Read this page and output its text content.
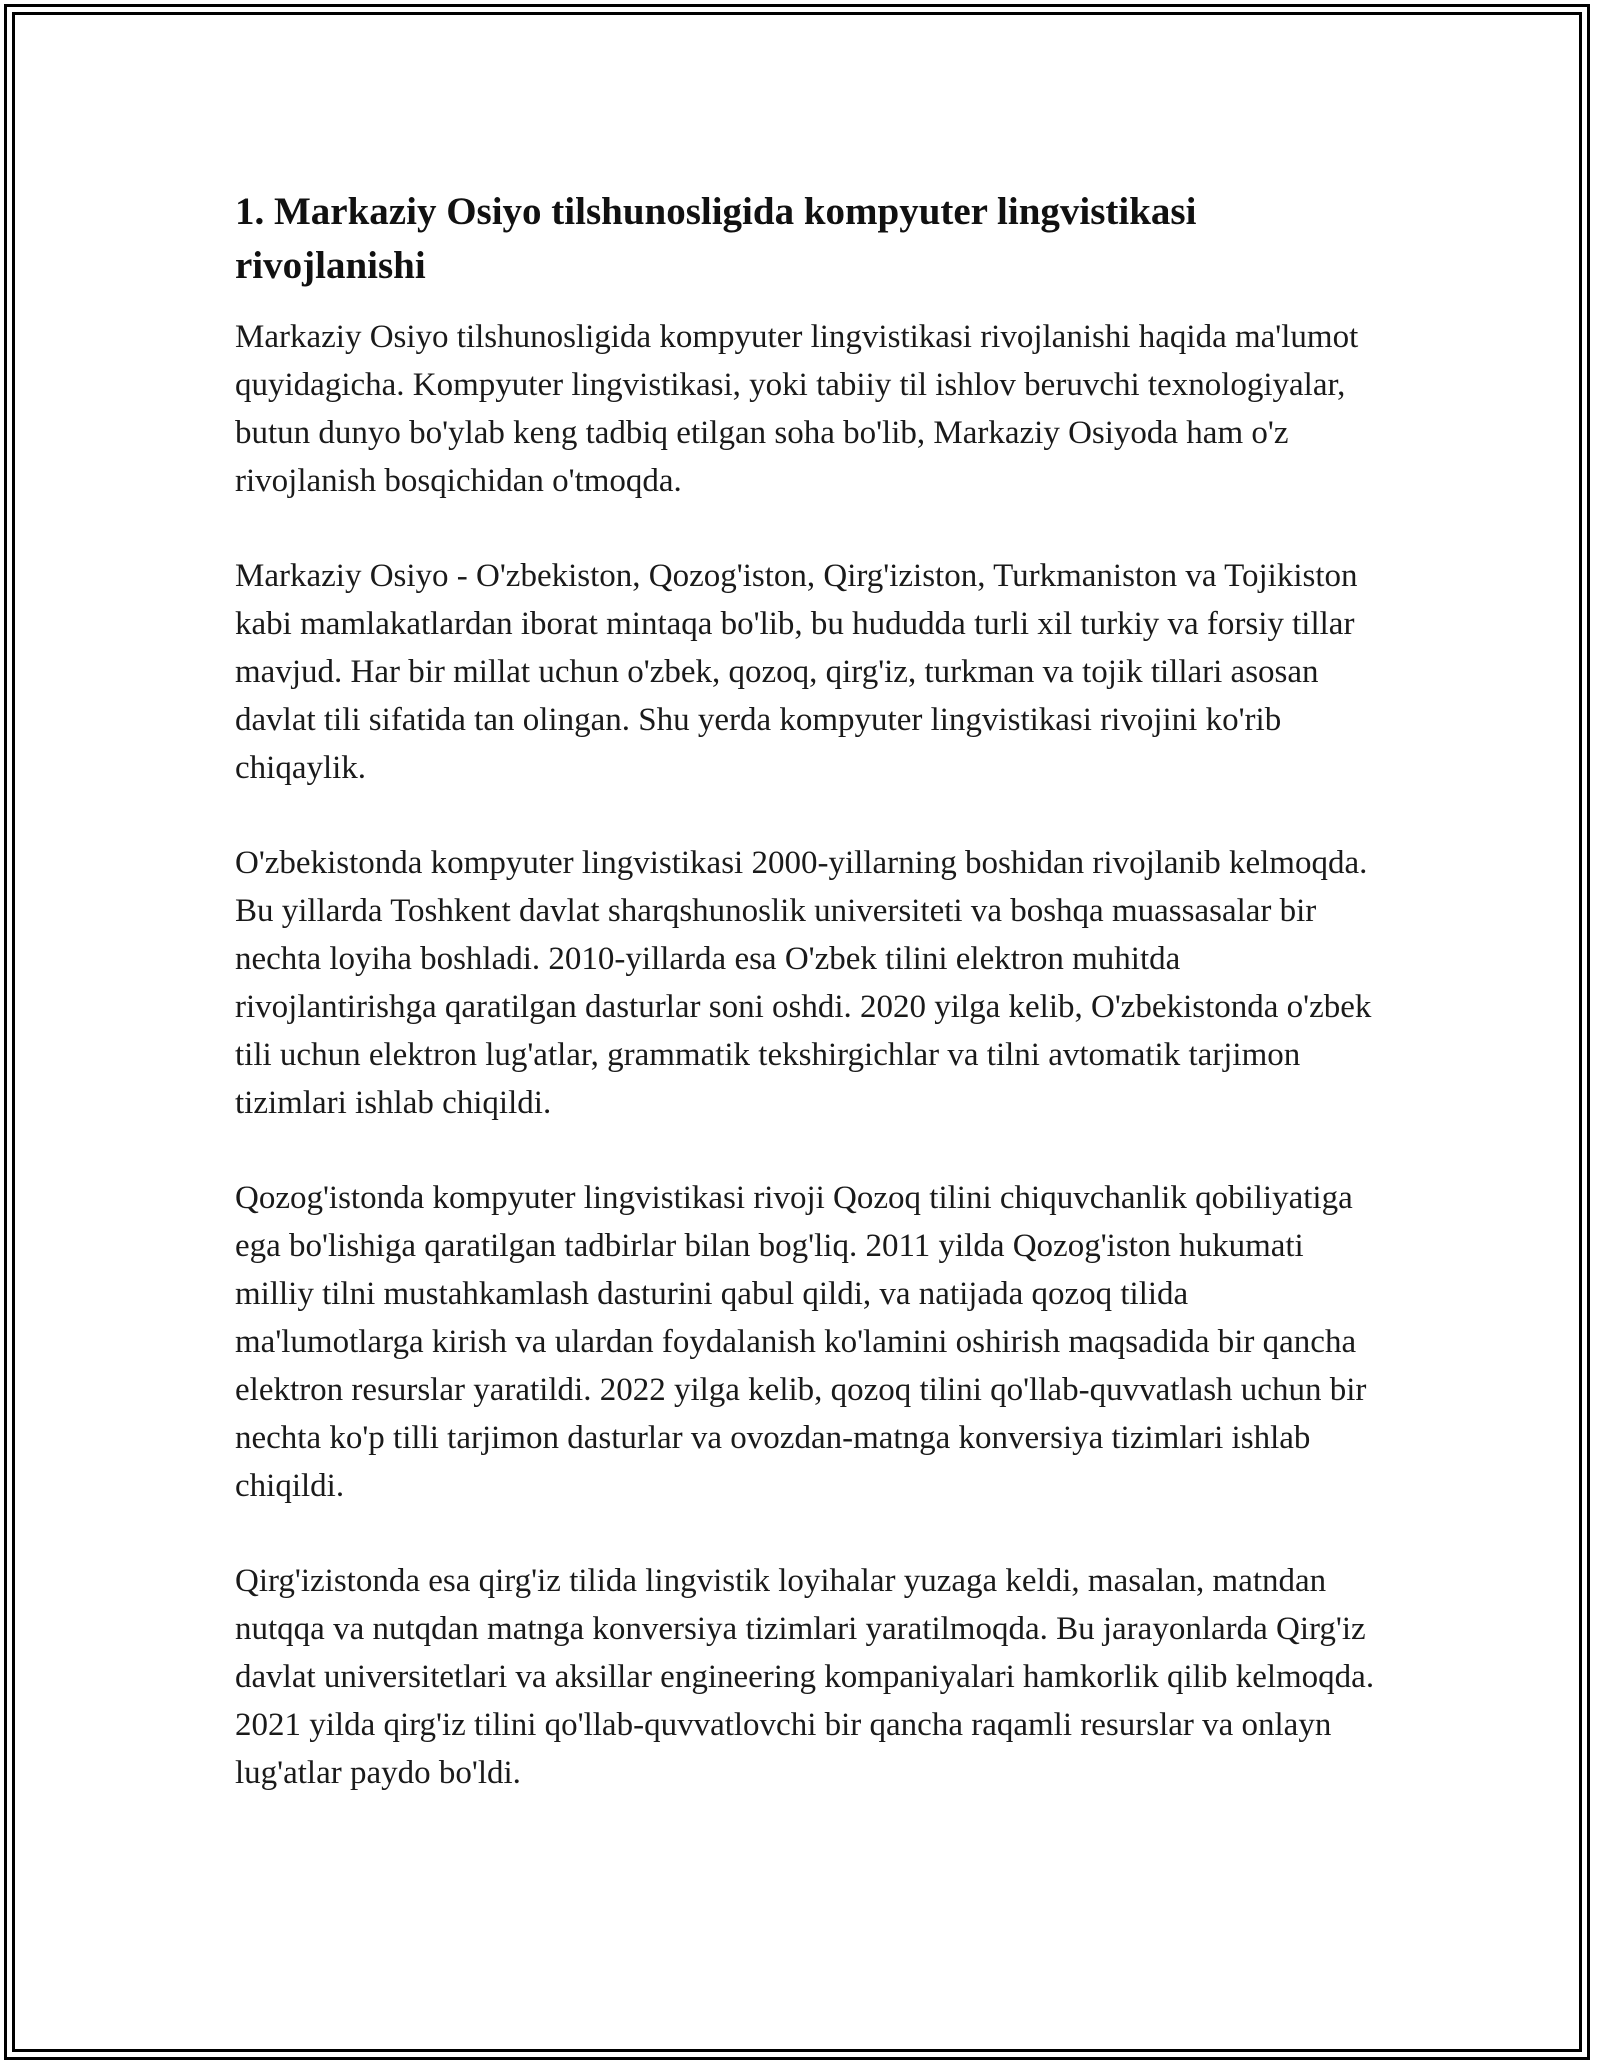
1. Markaziy Osiyo tilshunosligida kompyuter lingvistikasi rivojlanishi

Markaziy Osiyo tilshunosligida kompyuter lingvistikasi rivojlanishi haqida ma'lumot quyidagicha. Kompyuter lingvistikasi, yoki tabiiy til ishlov beruvchi texnologiyalar, butun dunyo bo'ylab keng tadbiq etilgan soha bo'lib, Markaziy Osiyoda ham o'z rivojlanish bosqichidan o'tmoqda.

Markaziy Osiyo - O'zbekiston, Qozog'iston, Qirg'iziston, Turkmaniston va Tojikiston kabi mamlakatlardan iborat mintaqa bo'lib, bu hududda turli xil turkiy va forsiy tillar mavjud. Har bir millat uchun o'zbek, qozoq, qirg'iz, turkman va tojik tillari asosan davlat tili sifatida tan olingan. Shu yerda kompyuter lingvistikasi rivojini ko'rib chiqaylik.

O'zbekistonda kompyuter lingvistikasi 2000-yillarning boshidan rivojlanib kelmoqda. Bu yillarda Toshkent davlat sharqshunoslik universiteti va boshqa muassasalar bir nechta loyiha boshladi. 2010-yillarda esa O'zbek tilini elektron muhitda rivojlantirishga qaratilgan dasturlar soni oshdi. 2020 yilga kelib, O'zbekistonda o'zbek tili uchun elektron lug'atlar, grammatik tekshirgichlar va tilni avtomatik tarjimon tizimlari ishlab chiqildi.

Qozog'istonda kompyuter lingvistikasi rivoji Qozoq tilini chiquvchanlik qobiliyatiga ega bo'lishiga qaratilgan tadbirlar bilan bog'liq. 2011 yilda Qozog'iston hukumati milliy tilni mustahkamlash dasturini qabul qildi, va natijada qozoq tilida ma'lumotlarga kirish va ulardan foydalanish ko'lamini oshirish maqsadida bir qancha elektron resurslar yaratildi. 2022 yilga kelib, qozoq tilini qo'llab-quvvatlash uchun bir nechta ko'p tilli tarjimon dasturlar va ovozdan-matnga konversiya tizimlari ishlab chiqildi.

Qirg'izistonda esa qirg'iz tilida lingvistik loyihalar yuzaga keldi, masalan, matndan nutqqa va nutqdan matnga konversiya tizimlari yaratilmoqda. Bu jarayonlarda Qirg'iz davlat universitetlari va aksillar engineering kompaniyalari hamkorlik qilib kelmoqda. 2021 yilda qirg'iz tilini qo'llab-quvvatlovchi bir qancha raqamli resurslar va onlayn lug'atlar paydo bo'ldi.
